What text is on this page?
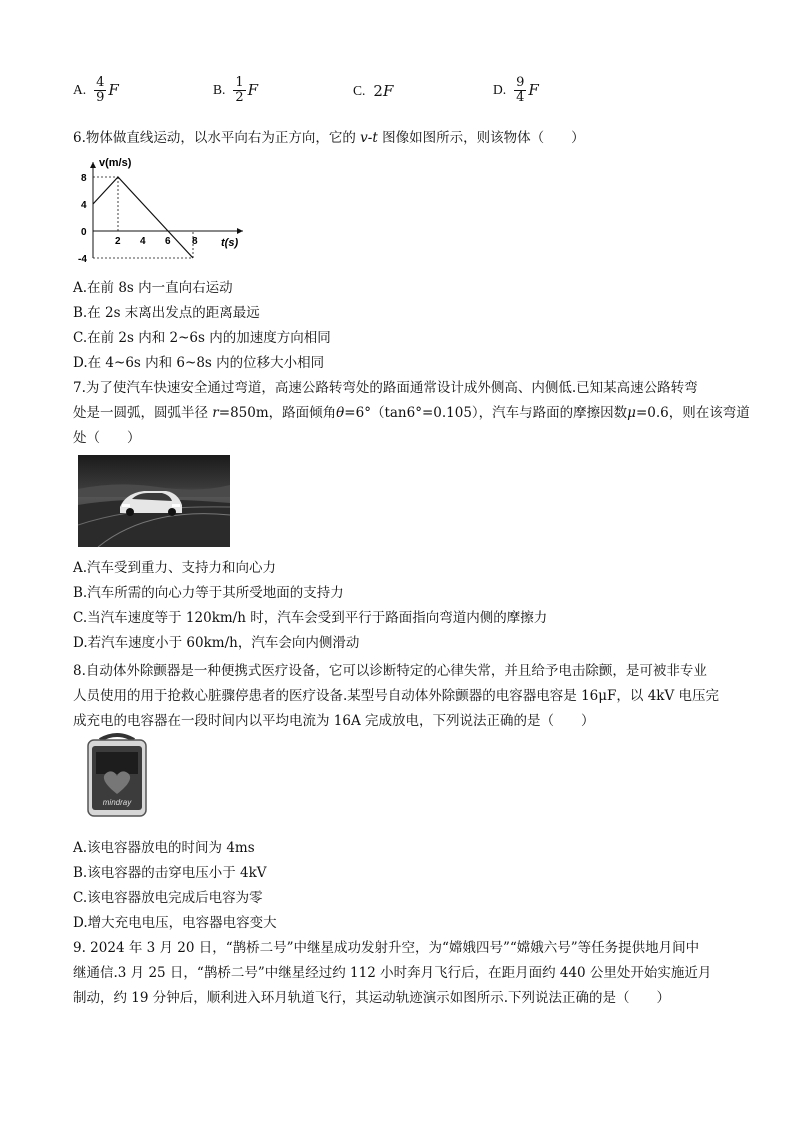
A. $\frac{4}{9}$ F	B. $\frac{1}{2}$ F	C. 2 F	D. $\frac{9}{4}$ F
6.物体做直线运动，以水平向右为正方向，它的 v-t 图像如图所示，则该物体（　　）
v(m/s)
t(s)
0
8
4
-4
2 4 6 8
A.在前 8s 内一直向右运动
B.在 2s 末离出发点的距离最远
C.在前 2s 内和 2~6s 内的加速度方向相同
D.在 4~6s 内和 6~8s 内的位移大小相同
7.为了使汽车快速安全通过弯道，高速公路转弯处的路面通常设计成外侧高、内侧低.已知某高速公路转弯
处是一圆弧，圆弧半径 r=850m，路面倾角θ=6°（tan6°=0.105），汽车与路面的摩擦因数μ=0.6，则在该弯道
处（　　）
A.汽车受到重力、支持力和向心力
B.汽车所需的向心力等于其所受地面的支持力
C.当汽车速度等于 120km/h 时，汽车会受到平行于路面指向弯道内侧的摩擦力
D.若汽车速度小于 60km/h，汽车会向内侧滑动
8.自动体外除颤器是一种便携式医疗设备，它可以诊断特定的心律失常，并且给予电击除颤，是可被非专业
人员使用的用于抢救心脏骤停患者的医疗设备.某型号自动体外除颤器的电容器电容是 16μF，以 4kV 电压完
成充电的电容器在一段时间内以平均电流为 16A 完成放电，下列说法正确的是（　　）
mindray
A.该电容器放电的时间为 4ms
B.该电容器的击穿电压小于 4kV
C.该电容器放电完成后电容为零
D.增大充电电压，电容器电容变大
9. 2024 年 3 月 20 日，“鹊桥二号”中继星成功发射升空，为“嫦娥四号”“嫦娥六号”等任务提供地月间中
继通信.3 月 25 日，“鹊桥二号”中继星经过约 112 小时奔月飞行后，在距月面约 440 公里处开始实施近月
制动，约 19 分钟后，顺利进入环月轨道飞行，其运动轨迹演示如图所示.下列说法正确的是（　　）
